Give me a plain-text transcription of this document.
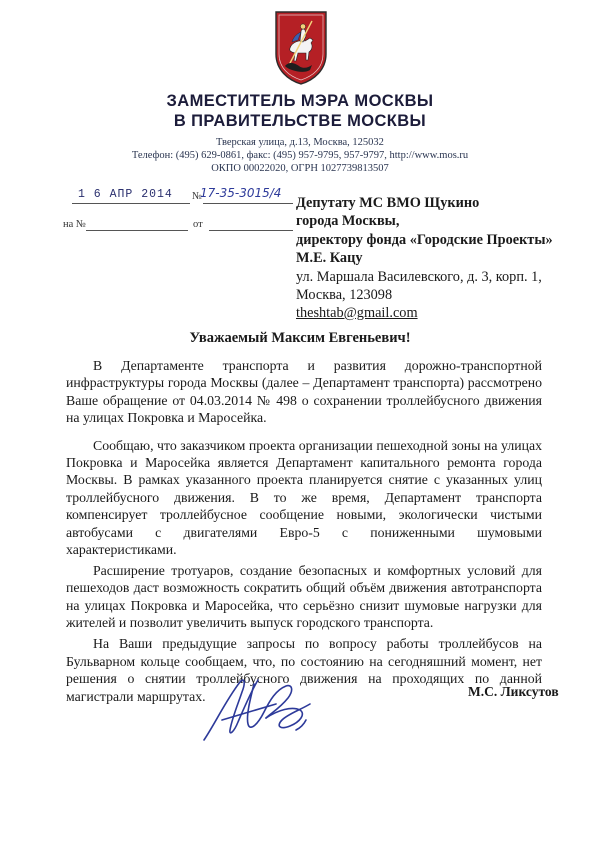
ЗАМЕСТИТЕЛЬ МЭРА МОСКВЫ
В ПРАВИТЕЛЬСТВЕ МОСКВЫ
Тверская улица, д.13, Москва, 125032
Телефон: (495) 629-0861, факс: (495) 957-9795, 957-9797, http://www.mos.ru
ОКПО 00022020, ОГРН 1027739813507
1 6 АПР 2014 №
17-35-3015/4
на №	от
Депутату МС ВМО Щукино
города Москвы,
директору фонда «Городские Проекты»
М.Е. Кацу
ул. Маршала Василевского, д. 3, корп. 1,
Москва, 123098
theshtab@gmail.com
Уважаемый Максим Евгеньевич!

В Департаменте транспорта и развития дорожно-транспортной инфраструктуры города Москвы (далее – Департамент транспорта) рассмотрено Ваше обращение от 04.03.2014 № 498 о сохранении троллейбусного движения на улицах Покровка и Маросейка.

Сообщаю, что заказчиком проекта организации пешеходной зоны на улицах Покровка и Маросейка является Департамент капитального ремонта города Москвы. В рамках указанного проекта планируется снятие с указанных улиц троллейбусного движения. В то же время, Департамент транспорта компенсирует троллейбусное сообщение новыми, экологически чистыми автобусами с двигателями Евро-5 с пониженными шумовыми характеристиками.

Расширение тротуаров, создание безопасных и комфортных условий для пешеходов даст возможность сократить общий объём движения автотранспорта на улицах Покровка и Маросейка, что серьёзно снизит шумовые нагрузки для жителей и позволит увеличить выпуск городского транспорта.

На Ваши предыдущие запросы по вопросу работы троллейбусов на Бульварном кольце сообщаем, что, по состоянию на сегодняшний момент, нет решения о снятии троллейбусного движения на проходящих по данной магистрали маршрутах.	М.С. Ликсутов
